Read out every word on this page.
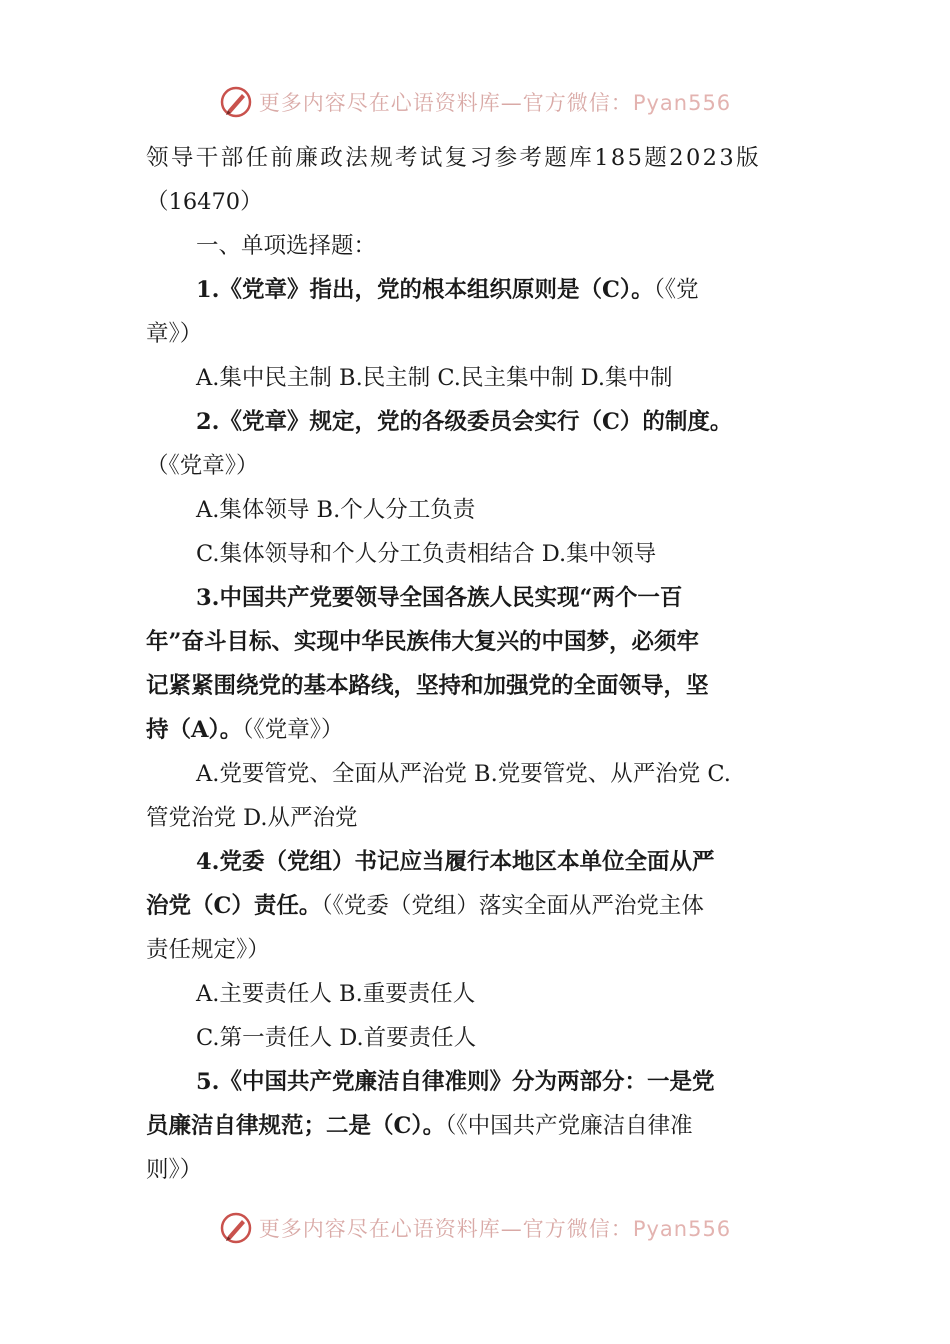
更多内容尽在心语资料库—官方微信：Pyan556
领导干部任前廉政法规考试复习参考题库185题2023版
（16470）
一、单项选择题：
1.《党章》指出，党的根本组织原则是（C）。（《党
章》）
A.集中民主制 B.民主制 C.民主集中制 D.集中制
2.《党章》规定，党的各级委员会实行（C）的制度。
（《党章》）
A.集体领导 B.个人分工负责
C.集体领导和个人分工负责相结合 D.集中领导
3.中国共产党要领导全国各族人民实现“两个一百
年”奋斗目标、实现中华民族伟大复兴的中国梦，必须牢
记紧紧围绕党的基本路线，坚持和加强党的全面领导，坚
持（A）。（《党章》）
A.党要管党、全面从严治党 B.党要管党、从严治党 C.
管党治党 D.从严治党
4.党委（党组）书记应当履行本地区本单位全面从严
治党（C）责任。（《党委（党组）落实全面从严治党主体
责任规定》）
A.主要责任人 B.重要责任人
C.第一责任人 D.首要责任人
5.《中国共产党廉洁自律准则》分为两部分：一是党
员廉洁自律规范；二是（C）。（《中国共产党廉洁自律准
则》）
更多内容尽在心语资料库—官方微信：Pyan556
